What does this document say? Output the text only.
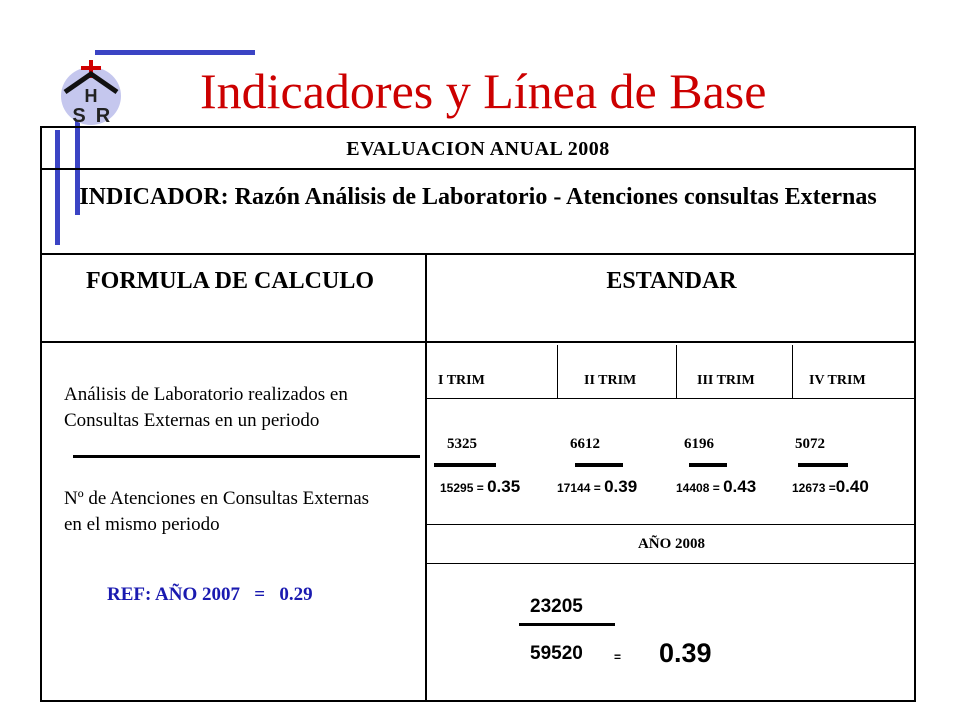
H
S R Indicadores y Línea de Base
EVALUACION ANUAL 2008
INDICADOR: Razón Análisis de Laboratorio - Atenciones consultas Externas
FORMULA DE CALCULO	ESTANDAR
Análisis de Laboratorio realizados en Consultas Externas en un periodo
Nº de Atenciones en Consultas Externas en el mismo periodo
REF: AÑO 2007   =   0.29
I TRIM	II TRIM	III TRIM	IV TRIM
5325	6612	6196	5072
15295 = 0.35	17144 = 0.39	14408 = 0.43	12673 =0.40
AÑO 2008
23205
59520	= 0.39
